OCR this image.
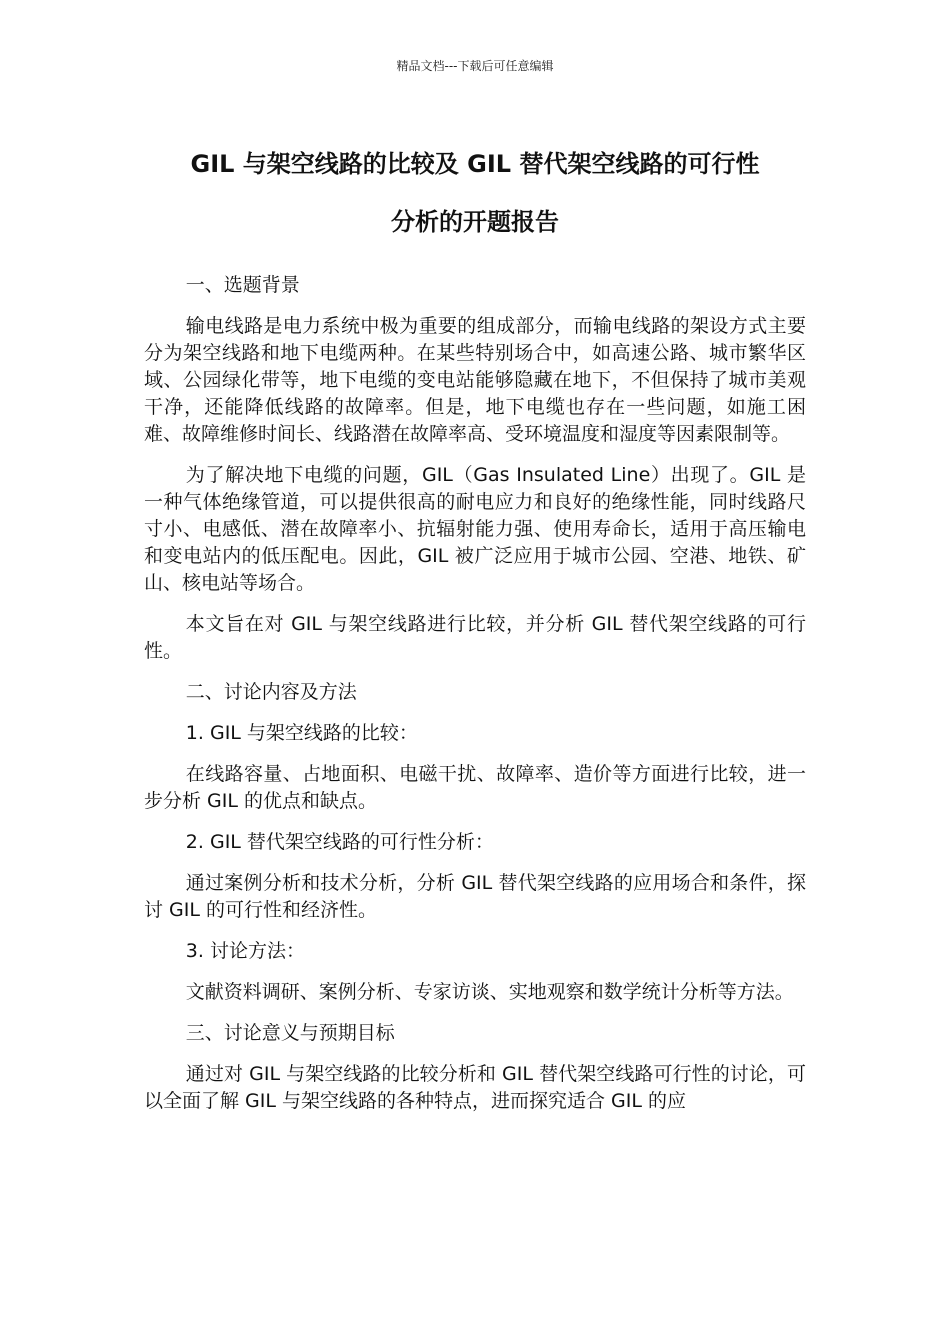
精品文档---下载后可任意编辑
GIL 与架空线路的比较及 GIL 替代架空线路的可行性
分析的开题报告

一、选题背景

输电线路是电力系统中极为重要的组成部分，而输电线路的架设方式主要分为架空线路和地下电缆两种。在某些特别场合中，如高速公路、城市繁华区域、公园绿化带等，地下电缆的变电站能够隐藏在地下，不但保持了城市美观干净，还能降低线路的故障率。但是，地下电缆也存在一些问题，如施工困难、故障维修时间长、线路潜在故障率高、受环境温度和湿度等因素限制等。

为了解决地下电缆的问题，GIL（Gas Insulated Line）出现了。GIL 是一种气体绝缘管道，可以提供很高的耐电应力和良好的绝缘性能，同时线路尺寸小、电感低、潜在故障率小、抗辐射能力强、使用寿命长，适用于高压输电和变电站内的低压配电。因此，GIL 被广泛应用于城市公园、空港、地铁、矿山、核电站等场合。

本文旨在对 GIL 与架空线路进行比较，并分析 GIL 替代架空线路的可行性。

二、讨论内容及方法

1. GIL 与架空线路的比较：

在线路容量、占地面积、电磁干扰、故障率、造价等方面进行比较，进一步分析 GIL 的优点和缺点。

2. GIL 替代架空线路的可行性分析：

通过案例分析和技术分析，分析 GIL 替代架空线路的应用场合和条件，探讨 GIL 的可行性和经济性。

3. 讨论方法：

文献资料调研、案例分析、专家访谈、实地观察和数学统计分析等方法。

三、讨论意义与预期目标

通过对 GIL 与架空线路的比较分析和 GIL 替代架空线路可行性的讨论，可以全面了解 GIL 与架空线路的各种特点，进而探究适合 GIL 的应
